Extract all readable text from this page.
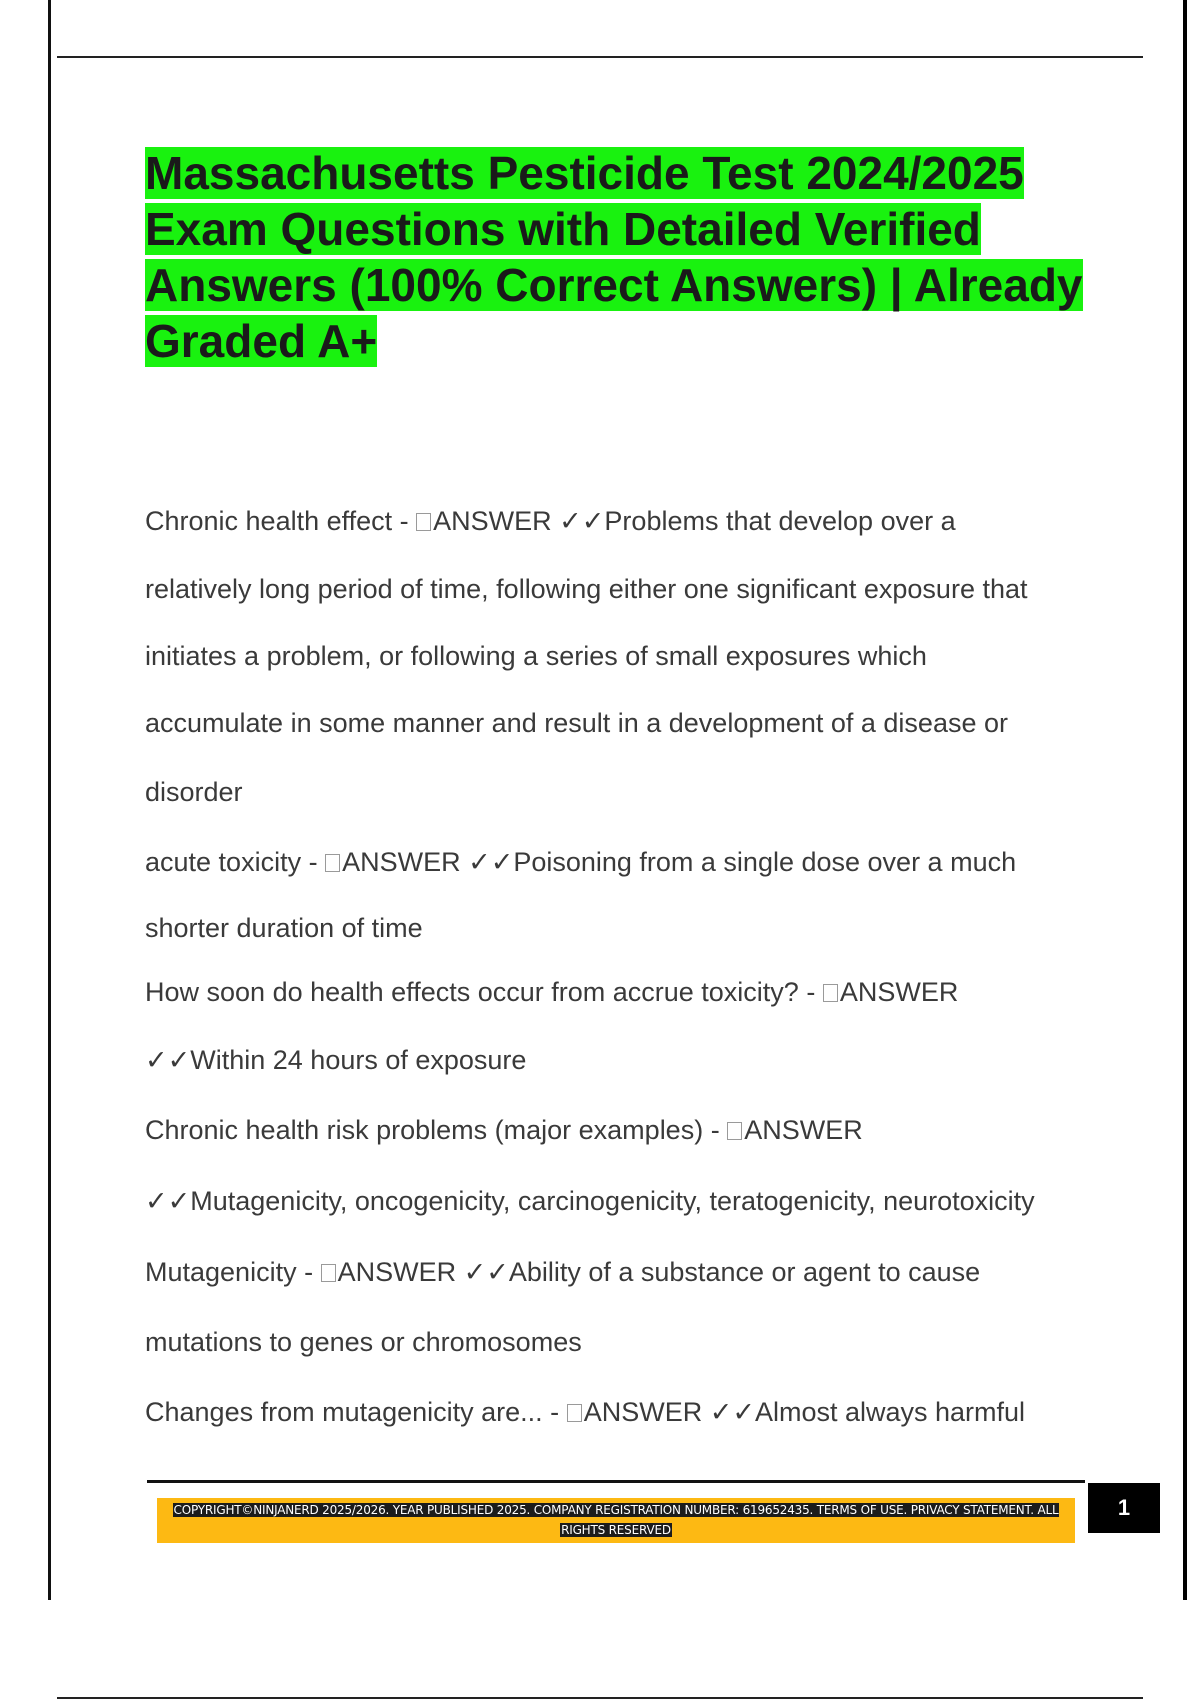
Massachusetts Pesticide Test 2024/2025 Exam Questions with Detailed Verified Answers (100% Correct Answers) | Already Graded A+

Chronic health effect - ANSWER ✓✓Problems that develop over a
relatively long period of time, following either one significant exposure that
initiates a problem, or following a series of small exposures which
accumulate in some manner and result in a development of a disease or
disorder

acute toxicity - ANSWER ✓✓Poisoning from a single dose over a much
shorter duration of time

How soon do health effects occur from accrue toxicity? - ANSWER
✓✓Within 24 hours of exposure

Chronic health risk problems (major examples) - ANSWER
✓✓Mutagenicity, oncogenicity, carcinogenicity, teratogenicity, neurotoxicity

Mutagenicity - ANSWER ✓✓Ability of a substance or agent to cause
mutations to genes or chromosomes

Changes from mutagenicity are... - ANSWER ✓✓Almost always harmful

COPYRIGHT©NINJANERD 2025/2026. YEAR PUBLISHED 2025. COMPANY REGISTRATION NUMBER: 619652435. TERMS OF USE. PRIVACY STATEMENT. ALL RIGHTS RESERVED
1
